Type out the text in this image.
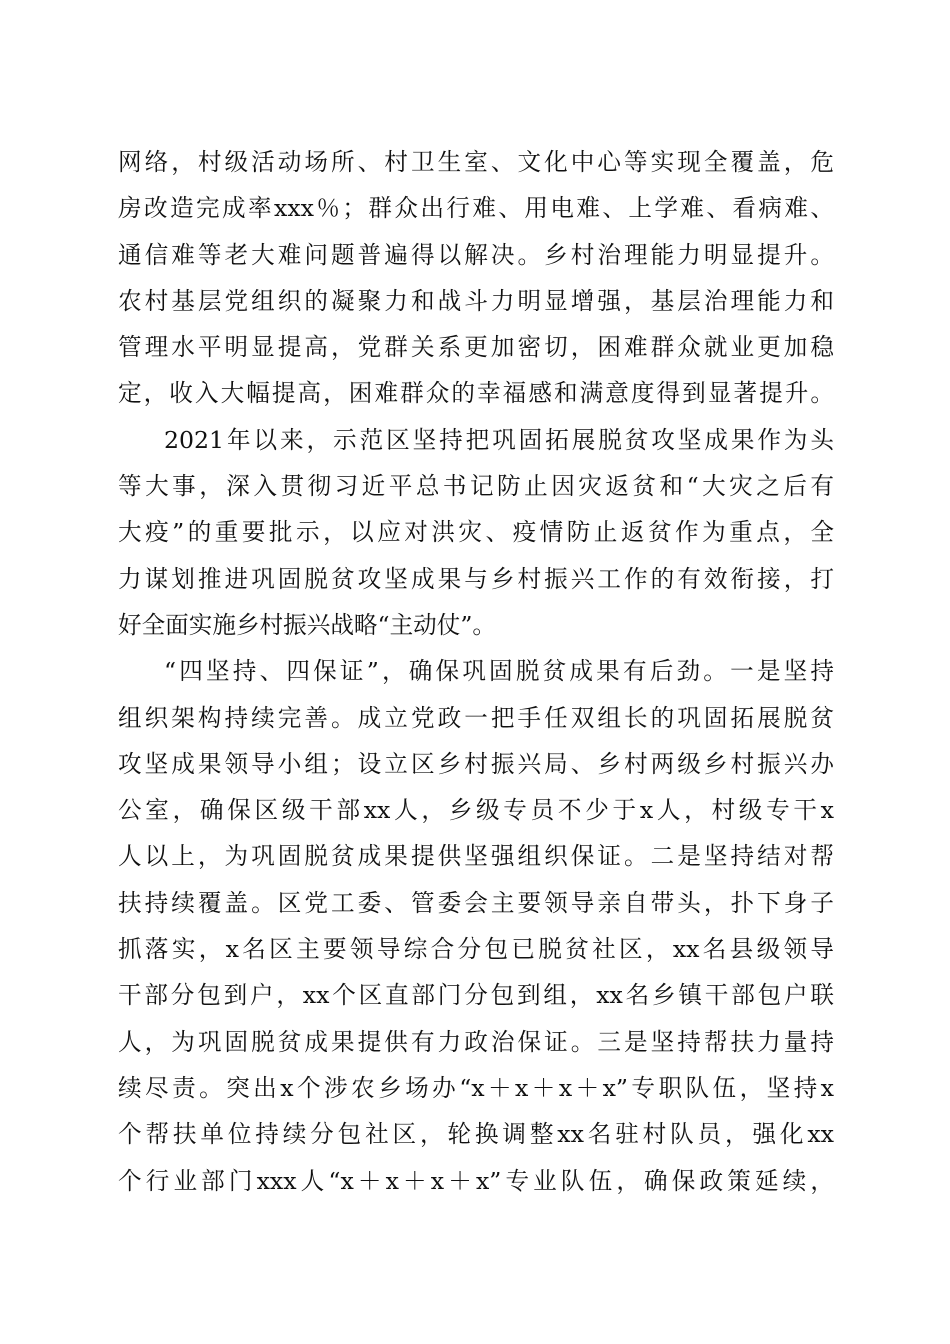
网络，村级活动场所、村卫生室、文化中心等实现全覆盖，危
房改造完成率xxx％；群众出行难、用电难、上学难、看病难、
通信难等老大难问题普遍得以解决。乡村治理能力明显提升。
农村基层党组织的凝聚力和战斗力明显增强，基层治理能力和
管理水平明显提高，党群关系更加密切，困难群众就业更加稳
定，收入大幅提高，困难群众的幸福感和满意度得到显著提升。
2021年以来，示范区坚持把巩固拓展脱贫攻坚成果作为头
等大事，深入贯彻习近平总书记防止因灾返贫和“大灾之后有
大疫”的重要批示，以应对洪灾、疫情防止返贫作为重点，全
力谋划推进巩固脱贫攻坚成果与乡村振兴工作的有效衔接，打
好全面实施乡村振兴战略“主动仗”。
“四坚持、四保证”，确保巩固脱贫成果有后劲。一是坚持
组织架构持续完善。成立党政一把手任双组长的巩固拓展脱贫
攻坚成果领导小组；设立区乡村振兴局、乡村两级乡村振兴办
公室，确保区级干部xx人，乡级专员不少于x人，村级专干x
人以上，为巩固脱贫成果提供坚强组织保证。二是坚持结对帮
扶持续覆盖。区党工委、管委会主要领导亲自带头，扑下身子
抓落实，x名区主要领导综合分包已脱贫社区，xx名县级领导
干部分包到户，xx个区直部门分包到组，xx名乡镇干部包户联
人，为巩固脱贫成果提供有力政治保证。三是坚持帮扶力量持
续尽责。突出x个涉农乡场办“x＋x＋x＋x”专职队伍，坚持x
个帮扶单位持续分包社区，轮换调整xx名驻村队员，强化xx
个行业部门xxx人“x＋x＋x＋x”专业队伍，确保政策延续，
